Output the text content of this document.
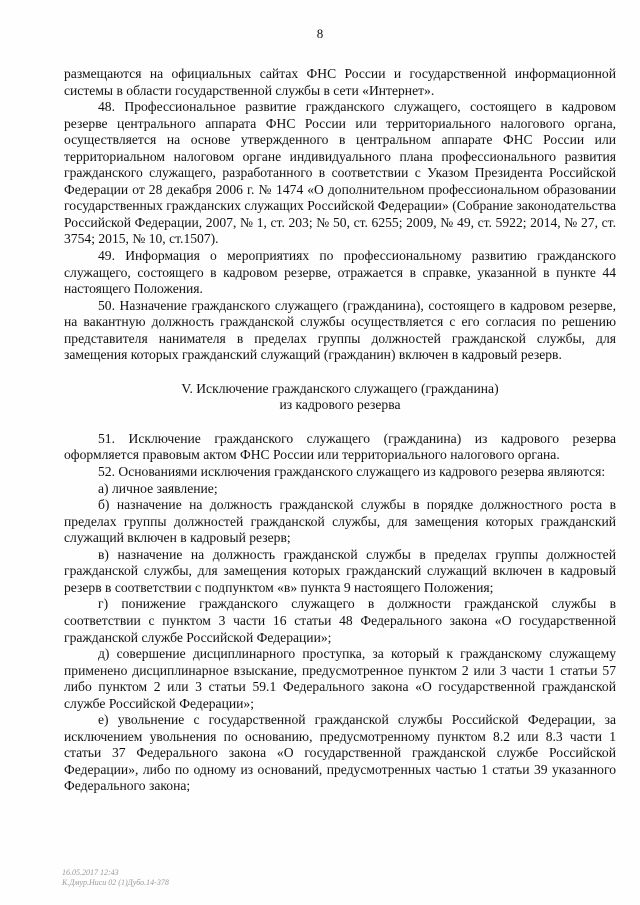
8

размещаются на официальных сайтах ФНС России и государственной информационной системы в области государственной службы в сети «Интернет».

48. Профессиональное развитие гражданского служащего, состоящего в кадровом резерве центрального аппарата ФНС России или территориального налогового органа, осуществляется на основе утвержденного в центральном аппарате ФНС России или территориальном налоговом органе индивидуального плана профессионального развития гражданского служащего, разработанного в соответствии с Указом Президента Российской Федерации от 28 декабря 2006 г. № 1474 «О дополнительном профессиональном образовании государственных гражданских служащих Российской Федерации» (Собрание законодательства Российской Федерации, 2007, № 1, ст. 203; № 50, ст. 6255; 2009, № 49, ст. 5922; 2014, № 27, ст. 3754; 2015, № 10, ст.1507).

49. Информация о мероприятиях по профессиональному развитию гражданского служащего, состоящего в кадровом резерве, отражается в справке, указанной в пункте 44 настоящего Положения.

50. Назначение гражданского служащего (гражданина), состоящего в кадровом резерве, на вакантную должность гражданской службы осуществляется с его согласия по решению представителя нанимателя в пределах группы должностей гражданской службы, для замещения которых гражданский служащий (гражданин) включен в кадровый резерв.

V. Исключение гражданского служащего (гражданина)

из кадрового резерва

51. Исключение гражданского служащего (гражданина) из кадрового резерва оформляется правовым актом ФНС России или территориального налогового органа.

52. Основаниями исключения гражданского служащего из кадрового резерва являются:

а) личное заявление;

б) назначение на должность гражданской службы в порядке должностного роста в пределах группы должностей гражданской службы, для замещения которых гражданский служащий включен в кадровый резерв;

в) назначение на должность гражданской службы в пределах группы должностей гражданской службы, для замещения которых гражданский служащий включен в кадровый резерв в соответствии с подпунктом «в» пункта 9 настоящего Положения;

г) понижение гражданского служащего в должности гражданской службы в соответствии с пунктом 3 части 16 статьи 48 Федерального закона «О государственной гражданской службе Российской Федерации»;

д) совершение дисциплинарного проступка, за который к гражданскому служащему применено дисциплинарное взыскание, предусмотренное пунктом 2 или 3 части 1 статьи 57 либо пунктом 2 или 3 статьи 59.1 Федерального закона «О государственной гражданской службе Российской Федерации»;

е) увольнение с государственной гражданской службы Российской Федерации, за исключением увольнения по основанию, предусмотренному пунктом 8.2 или 8.3 части 1 статьи 37 Федерального закона «О государственной гражданской службе Российской Федерации», либо по одному из оснований, предусмотренных частью 1 статьи 39 указанного Федерального закона;

16.05.2017 12:43
К.Дмур.Ниси 02 (1)Дубо.14-378
